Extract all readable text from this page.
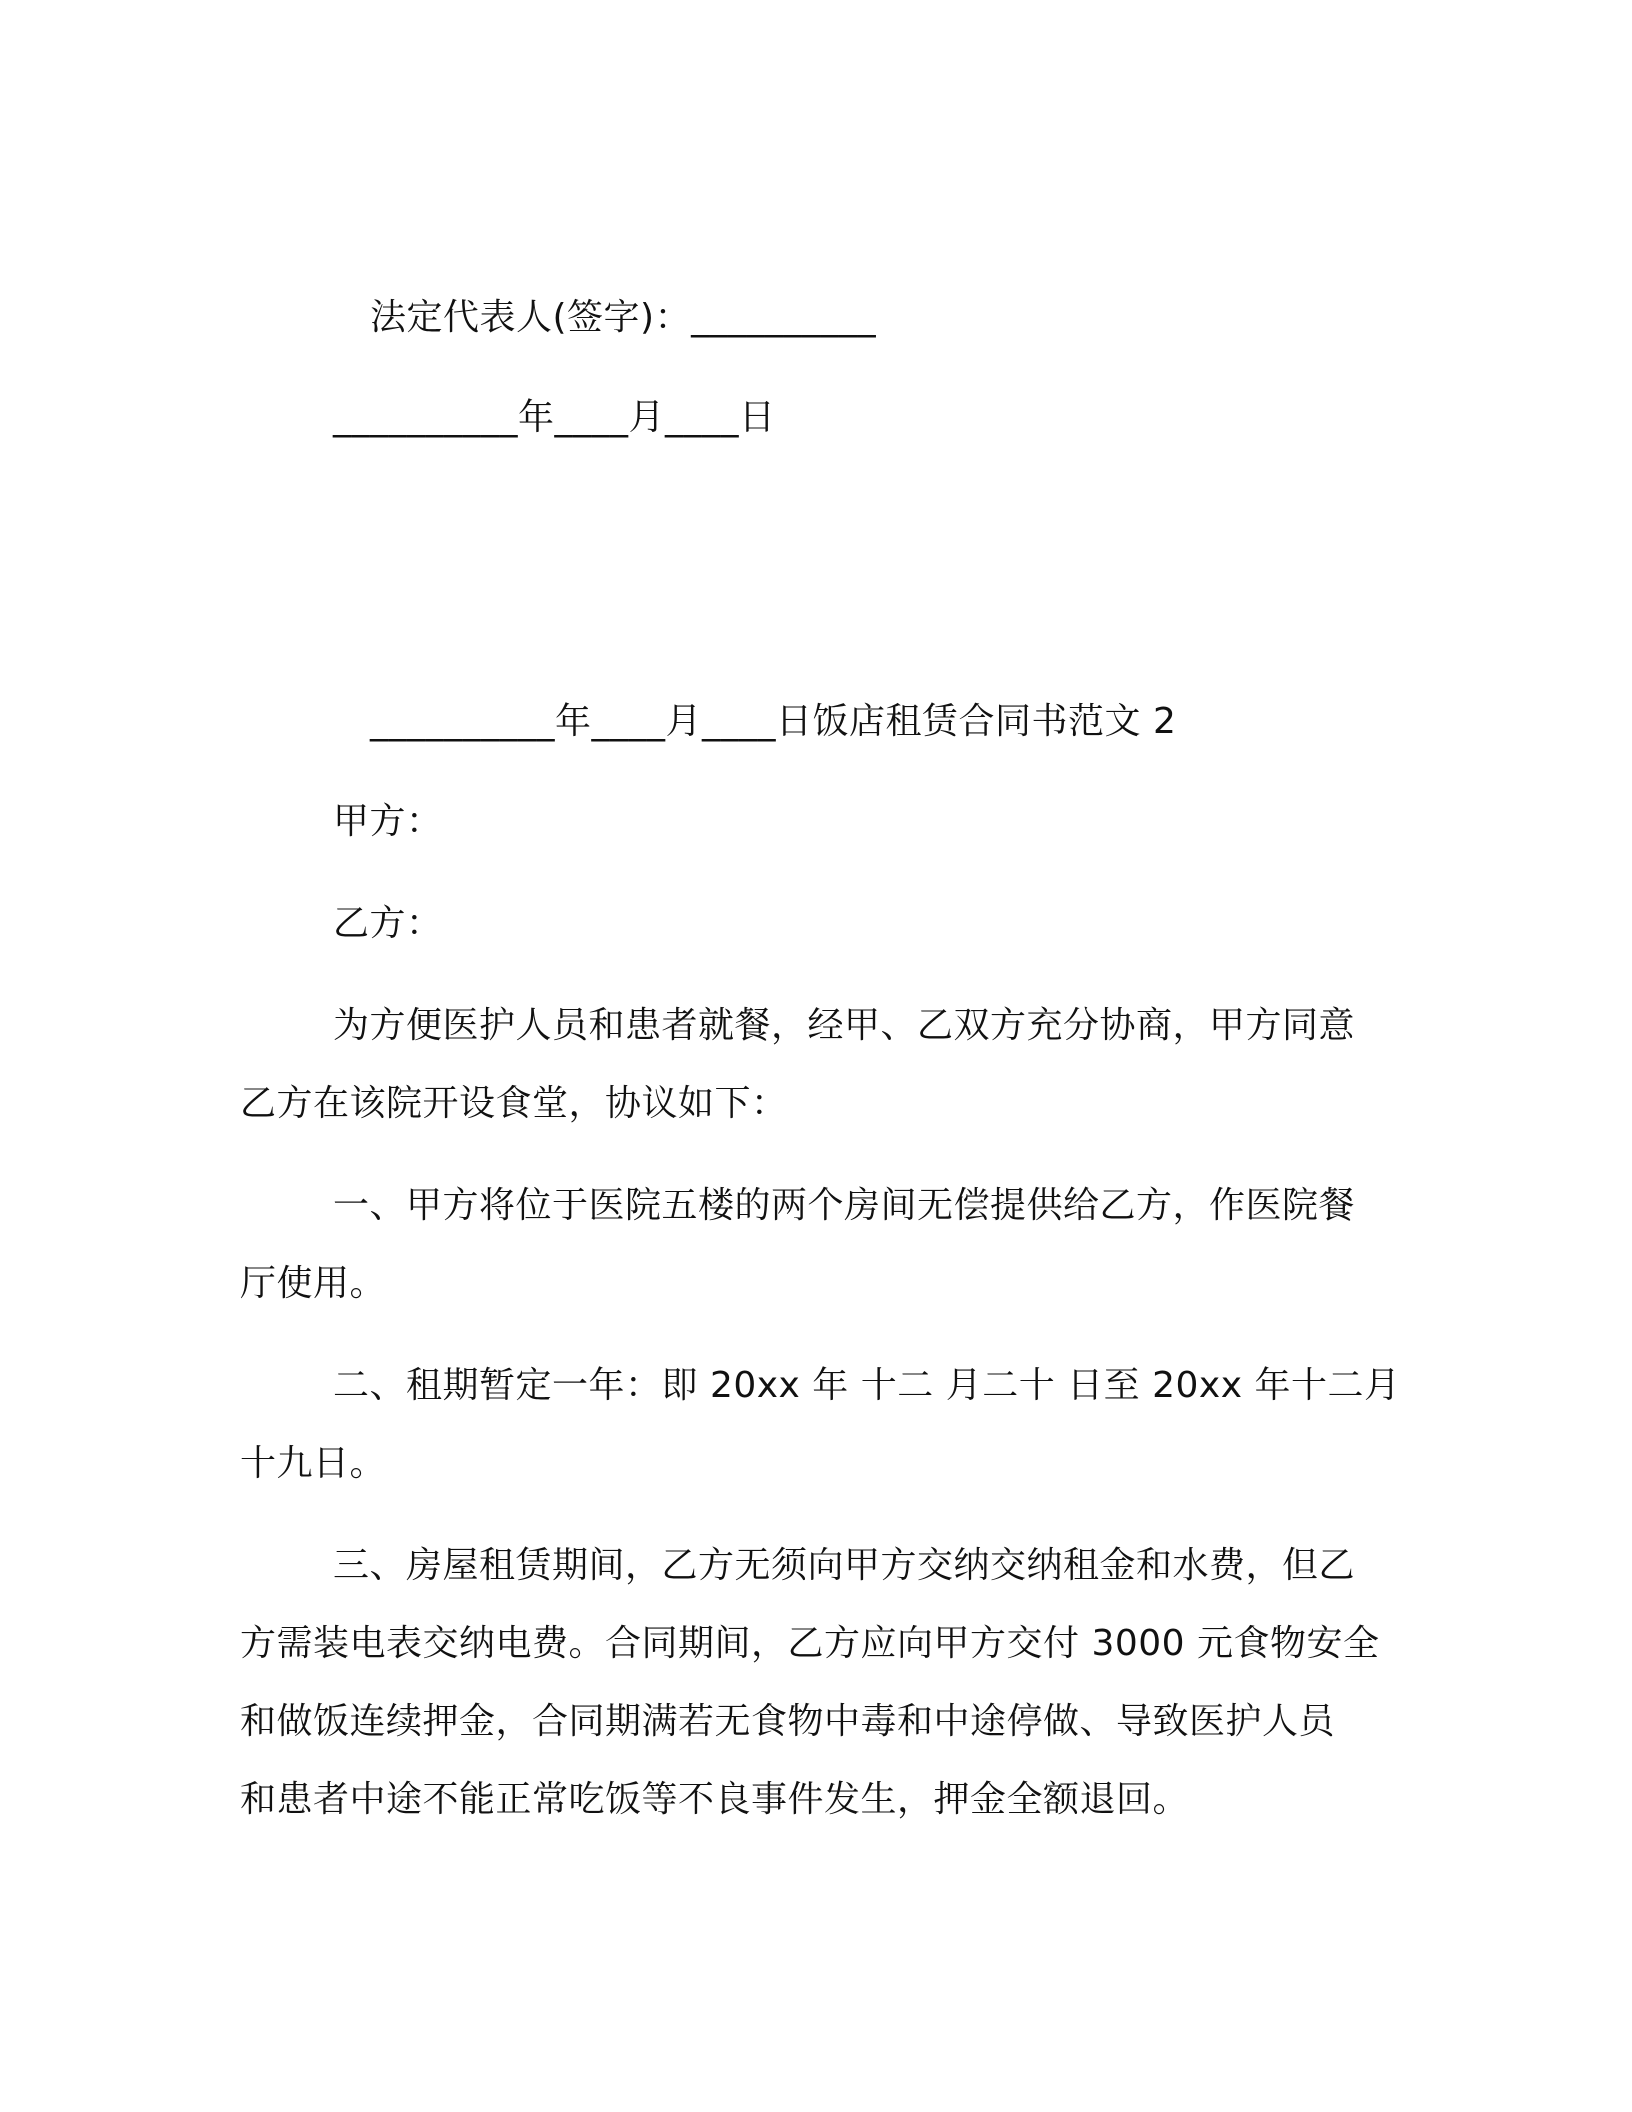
法定代表人(签字)：__________
__________年____月____日
__________年____月____日饭店租赁合同书范文 2
甲方：
乙方：
为方便医护人员和患者就餐，经甲、乙双方充分协商，甲方同意
乙方在该院开设食堂，协议如下：
一、甲方将位于医院五楼的两个房间无偿提供给乙方，作医院餐
厅使用。
二、租期暂定一年：即 20xx 年 十二 月二十 日至 20xx 年十二月
十九日。
三、房屋租赁期间，乙方无须向甲方交纳交纳租金和水费，但乙
方需装电表交纳电费。合同期间，乙方应向甲方交付 3000 元食物安全
和做饭连续押金，合同期满若无食物中毒和中途停做、导致医护人员
和患者中途不能正常吃饭等不良事件发生，押金全额退回。
